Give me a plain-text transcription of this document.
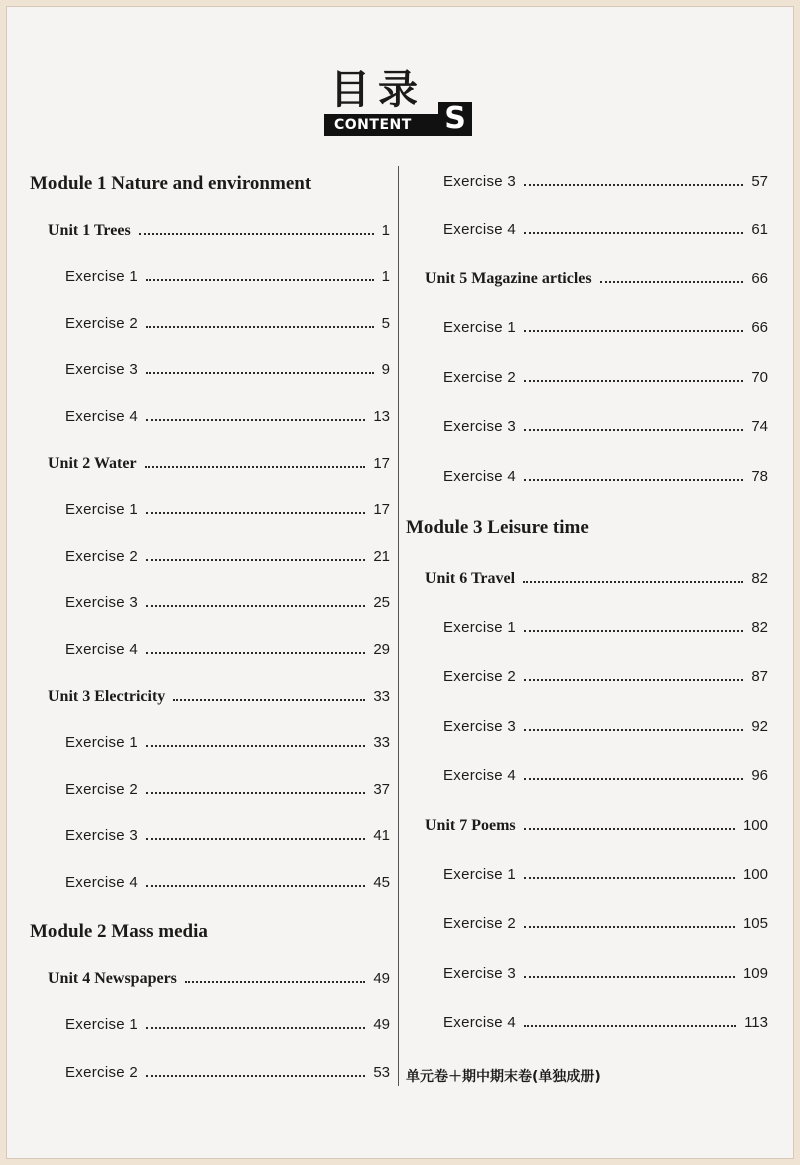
目录
CONTENT	S
Module 1 Nature and environment
Unit 1 Trees	1
Exercise 1	1
Exercise 2	5
Exercise 3	9
Exercise 4	13
Unit 2 Water	17
Exercise 1	17
Exercise 2	21
Exercise 3	25
Exercise 4	29
Unit 3 Electricity	33
Exercise 1	33
Exercise 2	37
Exercise 3	41
Exercise 4	45
Module 2 Mass media
Unit 4 Newspapers	49
Exercise 1	49
Exercise 2	53
Exercise 3	57
Exercise 4	61
Unit 5 Magazine articles	66
Exercise 1	66
Exercise 2	70
Exercise 3	74
Exercise 4	78
Module 3 Leisure time
Unit 6 Travel	82
Exercise 1	82
Exercise 2	87
Exercise 3	92
Exercise 4	96
Unit 7 Poems	100
Exercise 1	100
Exercise 2	105
Exercise 3	109
Exercise 4	113
单元卷＋期中期末卷(单独成册)
